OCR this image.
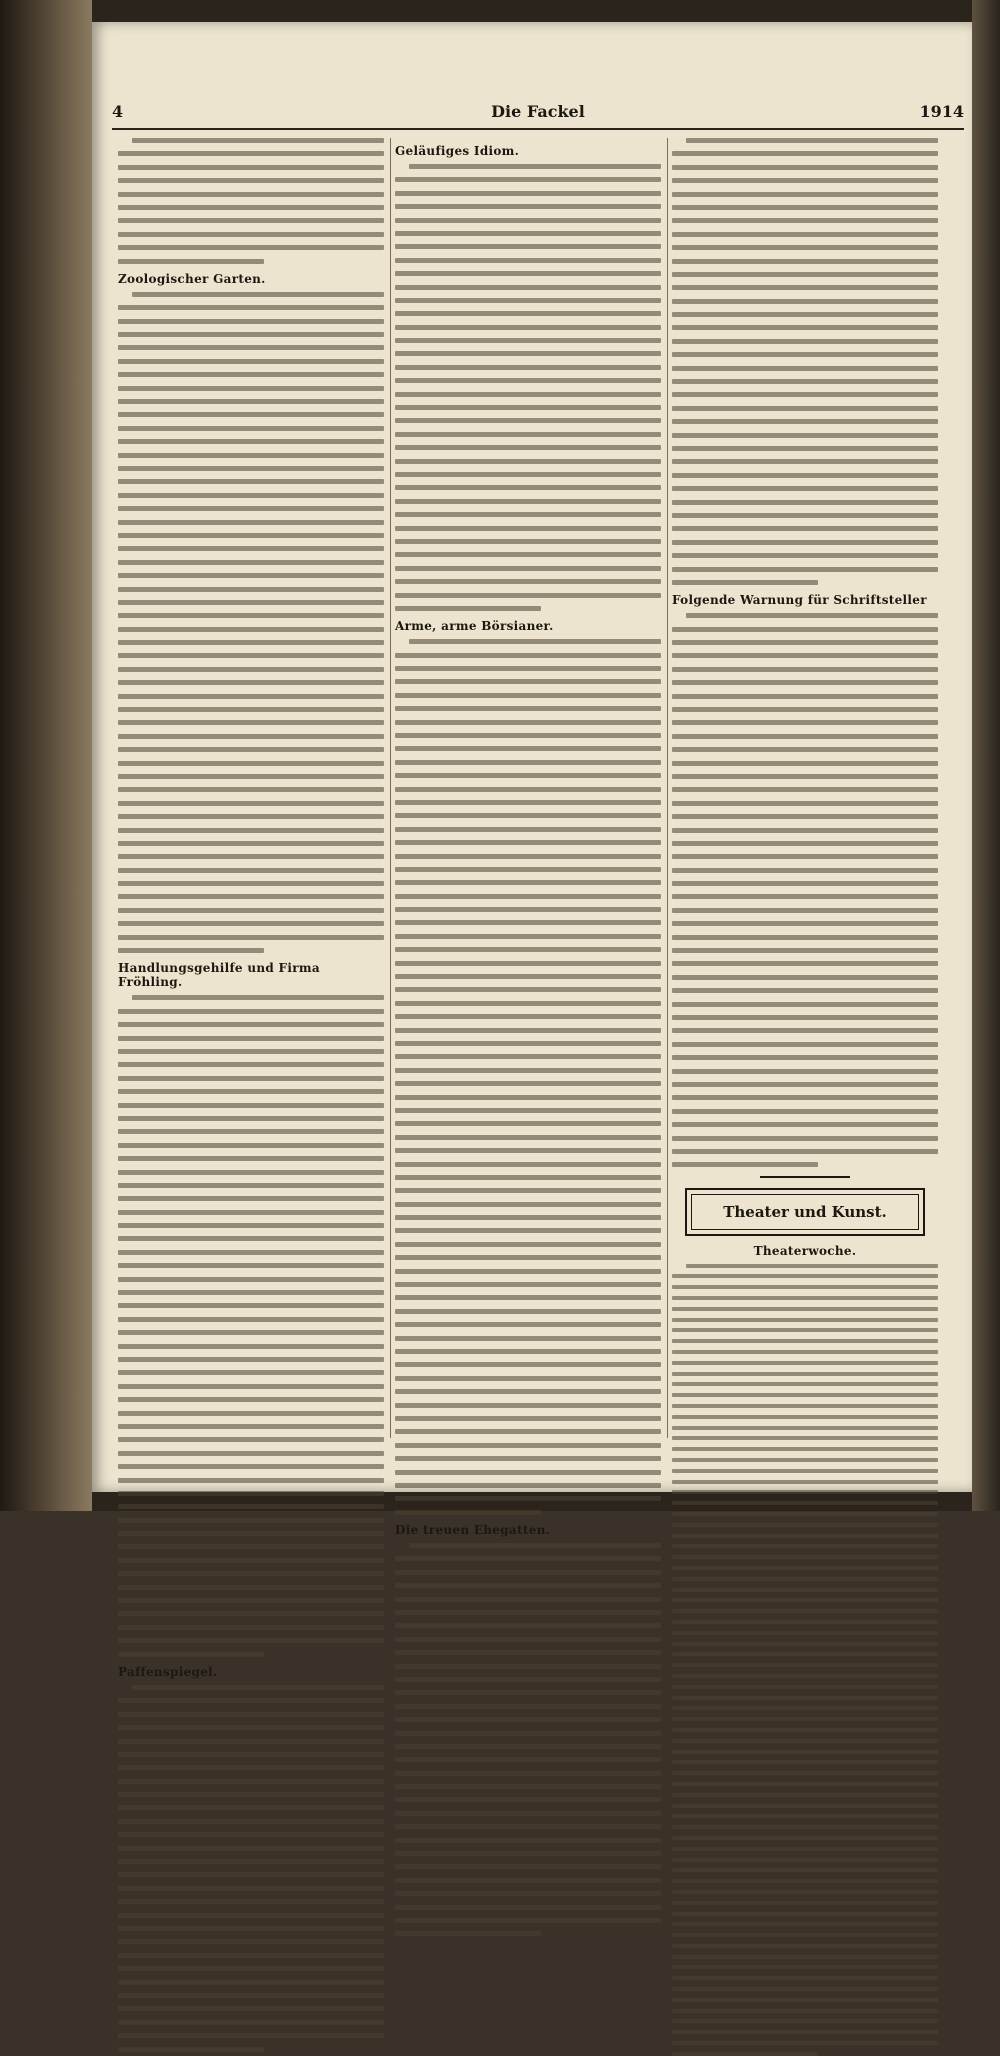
4	Die Fackel	1914
Zoologischer Garten.
Handlungsgehilfe und Firma Fröhling.
Paffenspiegel.
Geläufiges Idiom.
Arme, arme Börsianer.
Die treuen Ehegatten.
Folgende Warnung für Schriftsteller
Theater und Kunst.
Theaterwoche.
